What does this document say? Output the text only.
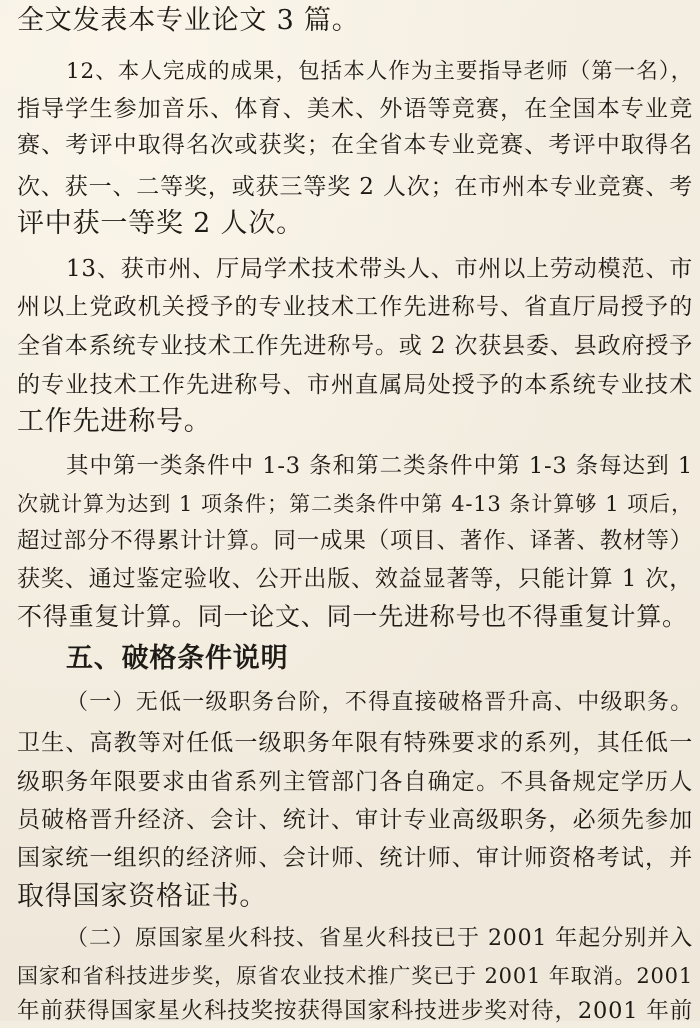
全文发表本专业论文 3 篇。
12、本人完成的成果，包括本人作为主要指导老师（第一名），
指导学生参加音乐、体育、美术、外语等竞赛，在全国本专业竞
赛、考评中取得名次或获奖；在全省本专业竞赛、考评中取得名
次、获一、二等奖，或获三等奖 2 人次；在市州本专业竞赛、考
评中获一等奖 2 人次。
13、获市州、厅局学术技术带头人、市州以上劳动模范、市
州以上党政机关授予的专业技术工作先进称号、省直厅局授予的
全省本系统专业技术工作先进称号。或 2 次获县委、县政府授予
的专业技术工作先进称号、市州直属局处授予的本系统专业技术
工作先进称号。
其中第一类条件中 1-3 条和第二类条件中第 1-3 条每达到 1
次就计算为达到 1 项条件；第二类条件中第 4-13 条计算够 1 项后，
超过部分不得累计计算。同一成果（项目、著作、译著、教材等）
获奖、通过鉴定验收、公开出版、效益显著等，只能计算 1 次，
不得重复计算。同一论文、同一先进称号也不得重复计算。
五、破格条件说明
（一）无低一级职务台阶，不得直接破格晋升高、中级职务。
卫生、高教等对任低一级职务年限有特殊要求的系列，其任低一
级职务年限要求由省系列主管部门各自确定。不具备规定学历人
员破格晋升经济、会计、统计、审计专业高级职务，必须先参加
国家统一组织的经济师、会计师、统计师、审计师资格考试，并
取得国家资格证书。
（二）原国家星火科技、省星火科技已于 2001 年起分别并入
国家和省科技进步奖，原省农业技术推广奖已于 2001 年取消。2001
年前获得国家星火科技奖按获得国家科技进步奖对待，2001 年前
